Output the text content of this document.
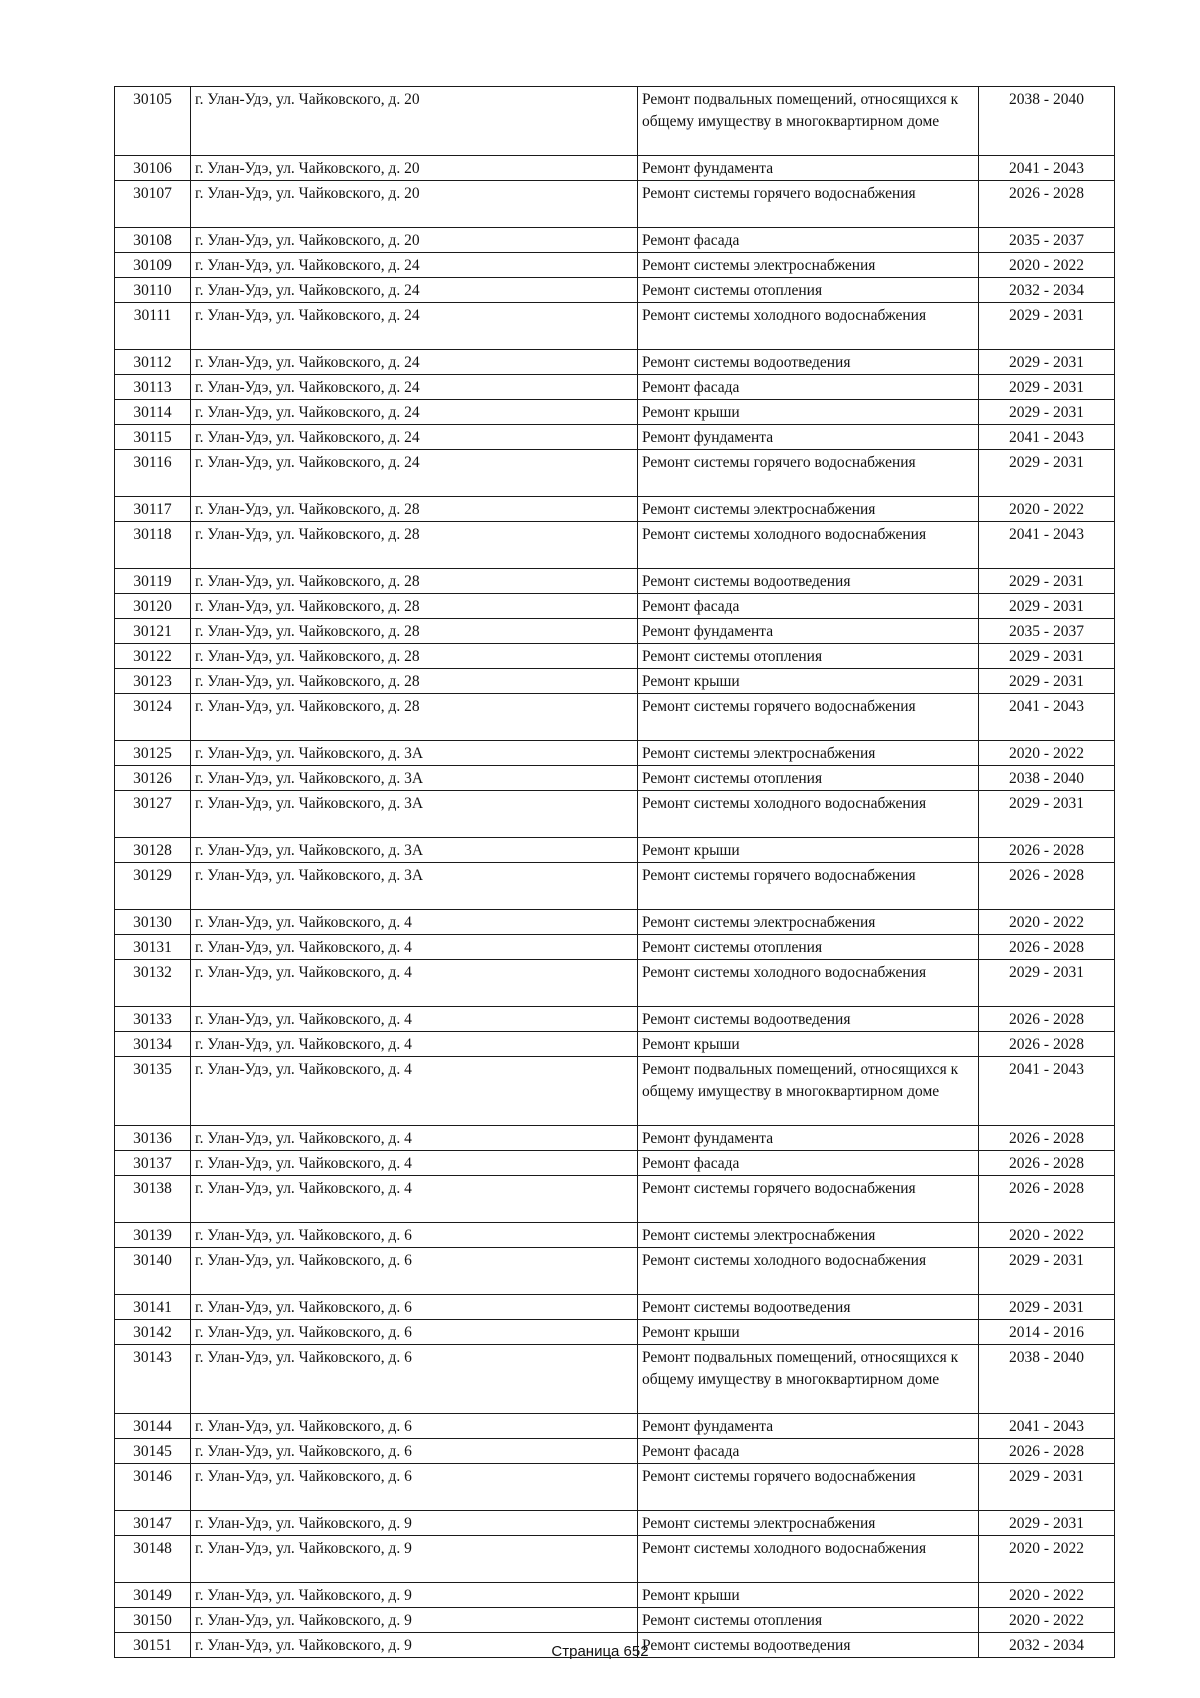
30105	г. Улан-Удэ, ул. Чайковского, д. 20	Ремонт подвальных помещений, относящихся к общему имуществу в многоквартирном доме	2038 - 2040
30106	г. Улан-Удэ, ул. Чайковского, д. 20	Ремонт фундамента	2041 - 2043
30107	г. Улан-Удэ, ул. Чайковского, д. 20	Ремонт системы горячего водоснабжения	2026 - 2028
30108	г. Улан-Удэ, ул. Чайковского, д. 20	Ремонт фасада	2035 - 2037
30109	г. Улан-Удэ, ул. Чайковского, д. 24	Ремонт системы электроснабжения	2020 - 2022
30110	г. Улан-Удэ, ул. Чайковского, д. 24	Ремонт системы отопления	2032 - 2034
30111	г. Улан-Удэ, ул. Чайковского, д. 24	Ремонт системы холодного водоснабжения	2029 - 2031
30112	г. Улан-Удэ, ул. Чайковского, д. 24	Ремонт системы водоотведения	2029 - 2031
30113	г. Улан-Удэ, ул. Чайковского, д. 24	Ремонт фасада	2029 - 2031
30114	г. Улан-Удэ, ул. Чайковского, д. 24	Ремонт крыши	2029 - 2031
30115	г. Улан-Удэ, ул. Чайковского, д. 24	Ремонт фундамента	2041 - 2043
30116	г. Улан-Удэ, ул. Чайковского, д. 24	Ремонт системы горячего водоснабжения	2029 - 2031
30117	г. Улан-Удэ, ул. Чайковского, д. 28	Ремонт системы электроснабжения	2020 - 2022
30118	г. Улан-Удэ, ул. Чайковского, д. 28	Ремонт системы холодного водоснабжения	2041 - 2043
30119	г. Улан-Удэ, ул. Чайковского, д. 28	Ремонт системы водоотведения	2029 - 2031
30120	г. Улан-Удэ, ул. Чайковского, д. 28	Ремонт фасада	2029 - 2031
30121	г. Улан-Удэ, ул. Чайковского, д. 28	Ремонт фундамента	2035 - 2037
30122	г. Улан-Удэ, ул. Чайковского, д. 28	Ремонт системы отопления	2029 - 2031
30123	г. Улан-Удэ, ул. Чайковского, д. 28	Ремонт крыши	2029 - 2031
30124	г. Улан-Удэ, ул. Чайковского, д. 28	Ремонт системы горячего водоснабжения	2041 - 2043
30125	г. Улан-Удэ, ул. Чайковского, д. 3А	Ремонт системы электроснабжения	2020 - 2022
30126	г. Улан-Удэ, ул. Чайковского, д. 3А	Ремонт системы отопления	2038 - 2040
30127	г. Улан-Удэ, ул. Чайковского, д. 3А	Ремонт системы холодного водоснабжения	2029 - 2031
30128	г. Улан-Удэ, ул. Чайковского, д. 3А	Ремонт крыши	2026 - 2028
30129	г. Улан-Удэ, ул. Чайковского, д. 3А	Ремонт системы горячего водоснабжения	2026 - 2028
30130	г. Улан-Удэ, ул. Чайковского, д. 4	Ремонт системы электроснабжения	2020 - 2022
30131	г. Улан-Удэ, ул. Чайковского, д. 4	Ремонт системы отопления	2026 - 2028
30132	г. Улан-Удэ, ул. Чайковского, д. 4	Ремонт системы холодного водоснабжения	2029 - 2031
30133	г. Улан-Удэ, ул. Чайковского, д. 4	Ремонт системы водоотведения	2026 - 2028
30134	г. Улан-Удэ, ул. Чайковского, д. 4	Ремонт крыши	2026 - 2028
30135	г. Улан-Удэ, ул. Чайковского, д. 4	Ремонт подвальных помещений, относящихся к общему имуществу в многоквартирном доме	2041 - 2043
30136	г. Улан-Удэ, ул. Чайковского, д. 4	Ремонт фундамента	2026 - 2028
30137	г. Улан-Удэ, ул. Чайковского, д. 4	Ремонт фасада	2026 - 2028
30138	г. Улан-Удэ, ул. Чайковского, д. 4	Ремонт системы горячего водоснабжения	2026 - 2028
30139	г. Улан-Удэ, ул. Чайковского, д. 6	Ремонт системы электроснабжения	2020 - 2022
30140	г. Улан-Удэ, ул. Чайковского, д. 6	Ремонт системы холодного водоснабжения	2029 - 2031
30141	г. Улан-Удэ, ул. Чайковского, д. 6	Ремонт системы водоотведения	2029 - 2031
30142	г. Улан-Удэ, ул. Чайковского, д. 6	Ремонт крыши	2014 - 2016
30143	г. Улан-Удэ, ул. Чайковского, д. 6	Ремонт подвальных помещений, относящихся к общему имуществу в многоквартирном доме	2038 - 2040
30144	г. Улан-Удэ, ул. Чайковского, д. 6	Ремонт фундамента	2041 - 2043
30145	г. Улан-Удэ, ул. Чайковского, д. 6	Ремонт фасада	2026 - 2028
30146	г. Улан-Удэ, ул. Чайковского, д. 6	Ремонт системы горячего водоснабжения	2029 - 2031
30147	г. Улан-Удэ, ул. Чайковского, д. 9	Ремонт системы электроснабжения	2029 - 2031
30148	г. Улан-Удэ, ул. Чайковского, д. 9	Ремонт системы холодного водоснабжения	2020 - 2022
30149	г. Улан-Удэ, ул. Чайковского, д. 9	Ремонт крыши	2020 - 2022
30150	г. Улан-Удэ, ул. Чайковского, д. 9	Ремонт системы отопления	2020 - 2022
30151	г. Улан-Удэ, ул. Чайковского, д. 9	Ремонт системы водоотведения	2032 - 2034
Страница 652
